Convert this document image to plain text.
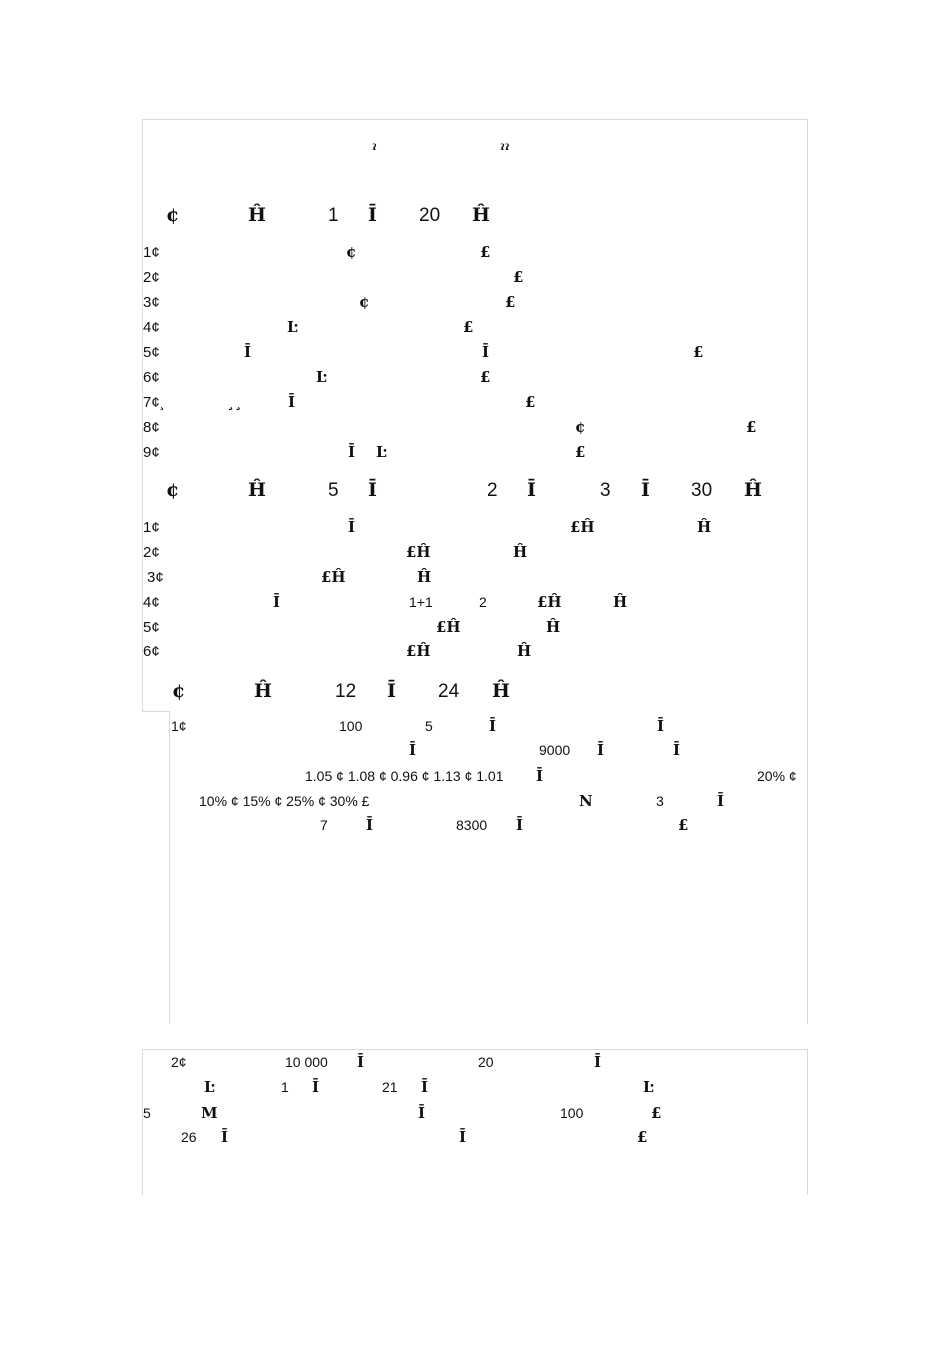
ˀ	ˀˀ
¢	Ĥ	1 Ī 20 Ĥ
1¢	¢	£
2¢	£
3¢	¢	£
4¢	Ŀ	£
5¢	Ī	Ī	£
6¢	Ŀ	£
7¢¸	¸¸	Ī	£
8¢	¢	£
9¢	Ī Ŀ	£
¢	Ĥ	5 Ī	2 Ī	3 Ī 30 Ĥ
1¢	Ī	£Ĥ	Ĥ
2¢	£Ĥ	Ĥ
3¢	£Ĥ	Ĥ
4¢	Ī	1+1	2	£Ĥ	Ĥ
5¢	£Ĥ	Ĥ
6¢	£Ĥ	Ĥ
¢	Ĥ	12 Ī 24 Ĥ
1¢	100	5	Ī	Ī
Ī	9000 Ī	Ī
1.05 ¢ 1.08 ¢ 0.96 ¢ 1.13 ¢ 1.01 Ī	20% ¢
10% ¢ 15% ¢ 25% ¢ 30% £	N	3	Ī
7	Ī	8300 Ī	£
2¢	10 000 Ī	20	Ī
Ŀ	1 Ī	21 Ī	Ŀ
5	M	Ī	100	£
26 Ī	Ī	£
